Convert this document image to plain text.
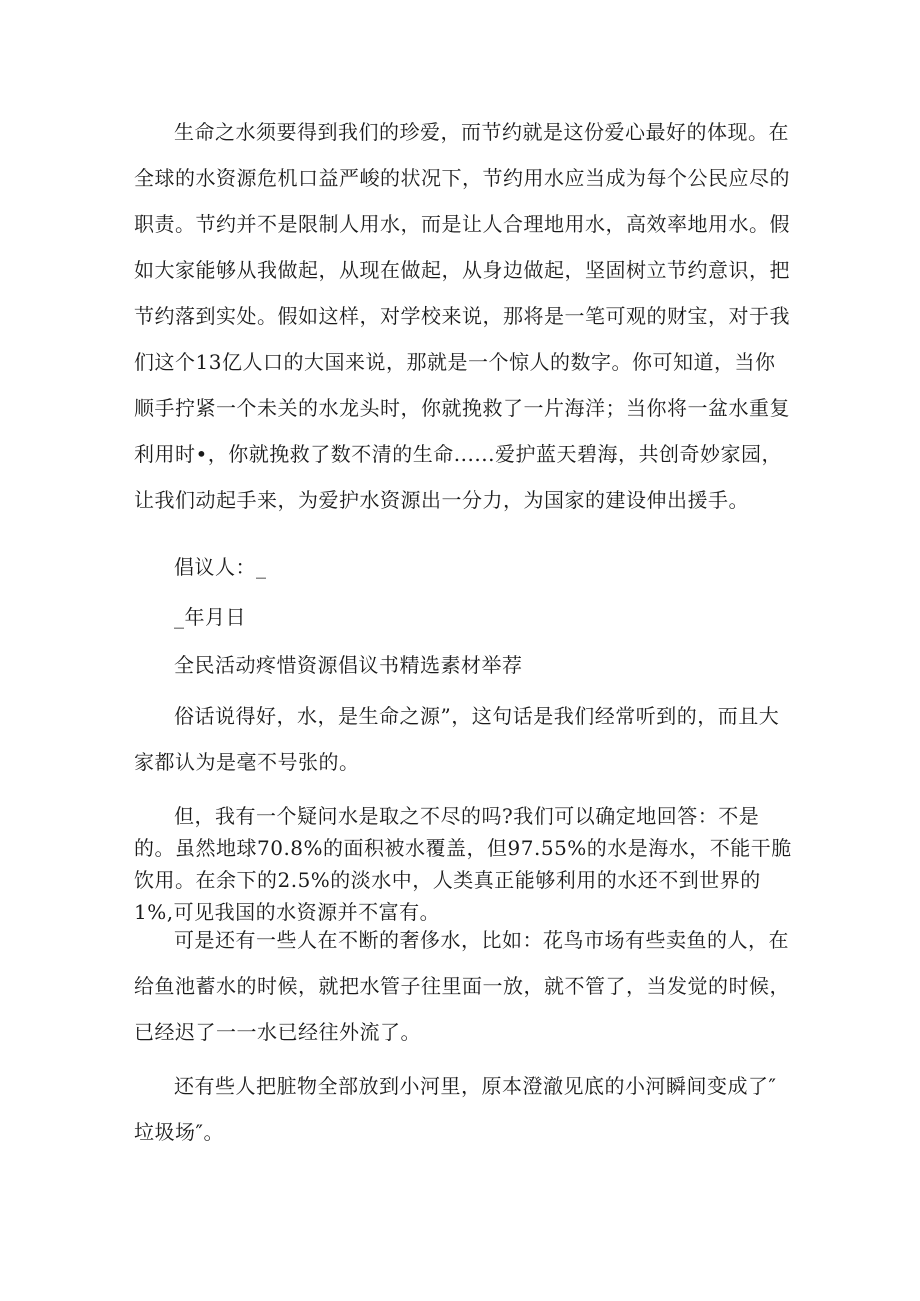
生命之水须要得到我们的珍爱，而节约就是这份爱心最好的体现。在全球的水资源危机口益严峻的状况下，节约用水应当成为每个公民应尽的职责。节约并不是限制人用水，而是让人合理地用水，高效率地用水。假如大家能够从我做起，从现在做起，从身边做起，坚固树立节约意识，把节约落到实处。假如这样，对学校来说，那将是一笔可观的财宝，对于我们这个13亿人口的大国来说，那就是一个惊人的数字。你可知道，当你顺手拧紧一个未关的水龙头时，你就挽救了一片海洋；当你将一盆水重复利用时•，你就挽救了数不清的生命......爱护蓝天碧海，共创奇妙家园，让我们动起手来，为爱护水资源出一分力，为国家的建设伸出援手。

倡议人：_

_年月日

全民活动疼惜资源倡议书精选素材举荐

俗话说得好，水，是生命之源”，这句话是我们经常听到的，而且大家都认为是毫不号张的。

但，我有一个疑问水是取之不尽的吗?我们可以确定地回答：不是的。虽然地球70.8%的面积被水覆盖，但97.55%的水是海水，不能干脆饮用。在余下的2.5%的淡水中，人类真正能够利用的水还不到世界的1%,可见我国的水资源并不富有。

可是还有一些人在不断的奢侈水，比如：花鸟市场有些卖鱼的人，在给鱼池蓄水的时候，就把水管子往里面一放，就不管了，当发觉的时候，已经迟了一一水已经往外流了。

还有些人把脏物全部放到小河里，原本澄澈见底的小河瞬间变成了″垃圾场″。
